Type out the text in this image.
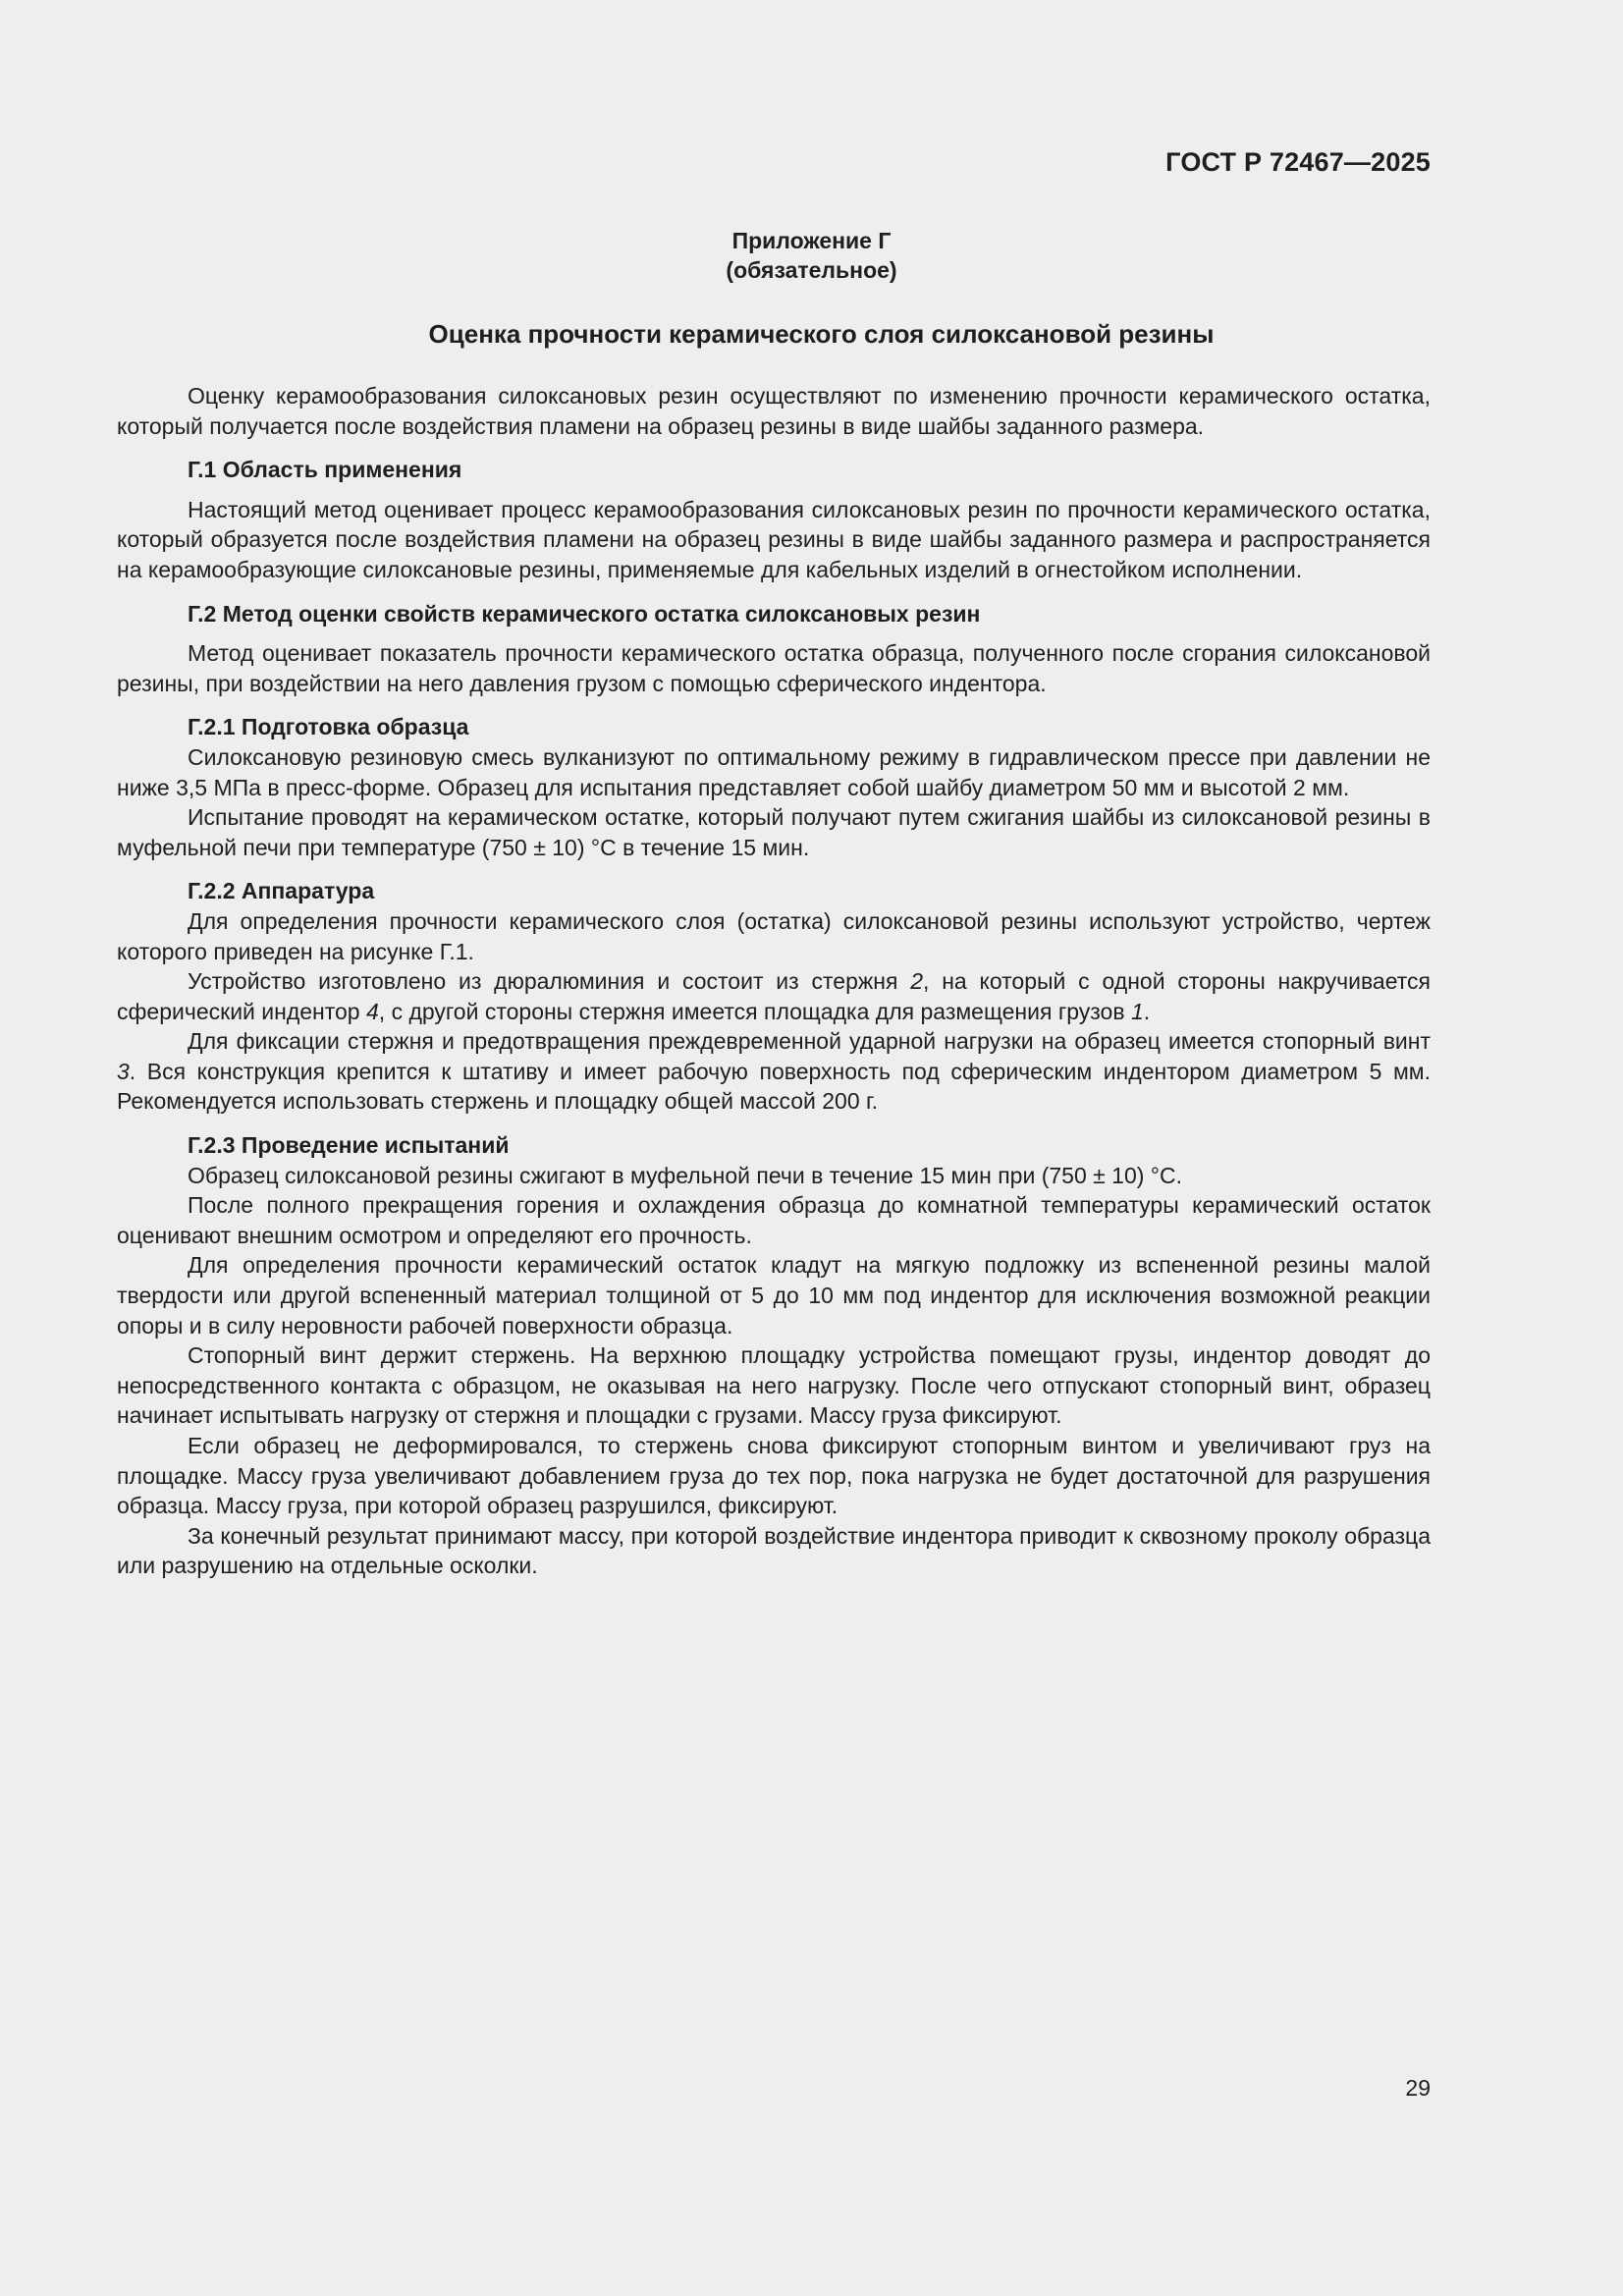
ГОСТ Р 72467—2025
Приложение Г
(обязательное)
Оценка прочности керамического слоя силоксановой резины

Оценку керамообразования силоксановых резин осуществляют по изменению прочности керамического остатка, который получается после воздействия пламени на образец резины в виде шайбы заданного размера.

Г.1 Область применения

Настоящий метод оценивает процесс керамообразования силоксановых резин по прочности керамического остатка, который образуется после воздействия пламени на образец резины в виде шайбы заданного размера и распространяется на керамообразующие силоксановые резины, применяемые для кабельных изделий в огнестойком исполнении.

Г.2 Метод оценки свойств керамического остатка силоксановых резин

Метод оценивает показатель прочности керамического остатка образца, полученного после сгорания силоксановой резины, при воздействии на него давления грузом с помощью сферического индентора.

Г.2.1 Подготовка образца

Силоксановую резиновую смесь вулканизуют по оптимальному режиму в гидравлическом прессе при давлении не ниже 3,5 МПа в пресс-форме. Образец для испытания представляет собой шайбу диаметром 50 мм и высотой 2 мм.

Испытание проводят на керамическом остатке, который получают путем сжигания шайбы из силоксановой резины в муфельной печи при температуре (750 ± 10) °С в течение 15 мин.

Г.2.2 Аппаратура

Для определения прочности керамического слоя (остатка) силоксановой резины используют устройство, чертеж которого приведен на рисунке Г.1.

Устройство изготовлено из дюралюминия и состоит из стержня 2, на который с одной стороны накручивается сферический индентор 4, с другой стороны стержня имеется площадка для размещения грузов 1.

Для фиксации стержня и предотвращения преждевременной ударной нагрузки на образец имеется стопорный винт 3. Вся конструкция крепится к штативу и имеет рабочую поверхность под сферическим индентором диаметром 5 мм. Рекомендуется использовать стержень и площадку общей массой 200 г.

Г.2.3 Проведение испытаний

Образец силоксановой резины сжигают в муфельной печи в течение 15 мин при (750 ± 10) °С.

После полного прекращения горения и охлаждения образца до комнатной температуры керамический остаток оценивают внешним осмотром и определяют его прочность.

Для определения прочности керамический остаток кладут на мягкую подложку из вспененной резины малой твердости или другой вспененный материал толщиной от 5 до 10 мм под индентор для исключения возможной реакции опоры и в силу неровности рабочей поверхности образца.

Стопорный винт держит стержень. На верхнюю площадку устройства помещают грузы, индентор доводят до непосредственного контакта с образцом, не оказывая на него нагрузку. После чего отпускают стопорный винт, образец начинает испытывать нагрузку от стержня и площадки с грузами. Массу груза фиксируют.

Если образец не деформировался, то стержень снова фиксируют стопорным винтом и увеличивают груз на площадке. Массу груза увеличивают добавлением груза до тех пор, пока нагрузка не будет достаточной для разрушения образца. Массу груза, при которой образец разрушился, фиксируют.

За конечный результат принимают массу, при которой воздействие индентора приводит к сквозному проколу образца или разрушению на отдельные осколки.

29
